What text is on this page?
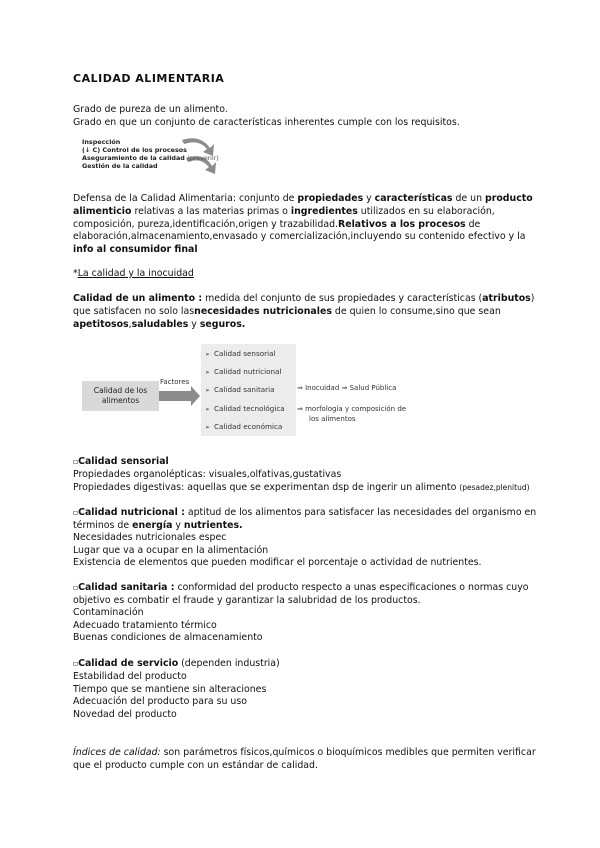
CALIDAD ALIMENTARIA
Grado de pureza de un alimento.
Grado en que un conjunto de características inherentes cumple con los requisitos.
Inspección
(↓ C) Control de los procesos
Aseguramiento de la calidad (prevenir)
Gestión de la calidad
Defensa de la Calidad Alimentaria: conjunto de propiedades y características de un producto
alimenticio relativas a las materias primas o ingredientes utilizados en su elaboración,
composición, pureza,identificación,origen y trazabilidad.Relativos a los procesos de
elaboración,almacenamiento,envasado y comercialización,incluyendo su contenido efectivo y la
info al consumidor final
*La calidad y la inocuidad
Calidad de un alimento : medida del conjunto de sus propiedades y características (atributos)
que satisfacen no solo lasnecesidades nutricionales de quien lo consume,sino que sean
apetitosos,saludables y seguros.
Calidad de los alimentos
Factores
➢ Calidad sensorial
➢ Calidad nutricional
➢ Calidad sanitaria
➢ Calidad tecnológica
➢ Calidad económica
⇒ Inocuidad ⇒ Salud Pública
⇒ morfología y composición de
los alimentos
▫Calidad sensorial
Propiedades organolépticas: visuales,olfativas,gustativas
Propiedades digestivas: aquellas que se experimentan dsp de ingerir un alimento (pesadez,plenitud)
▫Calidad nutricional : aptitud de los alimentos para satisfacer las necesidades del organismo en
términos de energía y nutrientes.
Necesidades nutricionales espec
Lugar que va a ocupar en la alimentación
Existencia de elementos que pueden modificar el porcentaje o actividad de nutrientes.
▫Calidad sanitaria : conformidad del producto respecto a unas especificaciones o normas cuyo
objetivo es combatir el fraude y garantizar la salubridad de los productos.
Contaminación
Adecuado tratamiento térmico
Buenas condiciones de almacenamiento
▫Calidad de servicio (dependen industria)
Estabilidad del producto
Tiempo que se mantiene sin alteraciones
Adecuación del producto para su uso
Novedad del producto
Índices de calidad: son parámetros físicos,químicos o bioquímicos medibles que permiten verificar
que el producto cumple con un estándar de calidad.
